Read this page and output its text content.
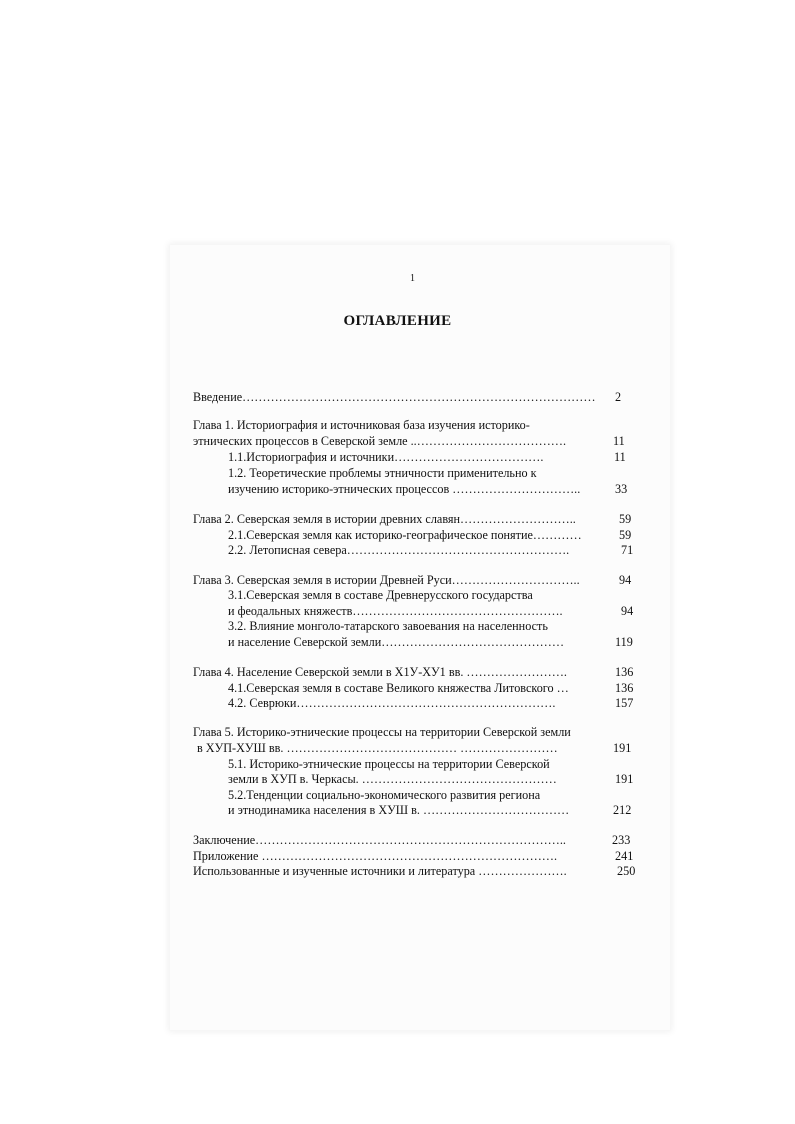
1
ОГЛАВЛЕНИЕ
Введение……………………………………………………………………………	2
Глава 1. Историография и источниковая база изучения историко-
этнических процессов в Северской земле ..……………………………….	11
1.1.Историография и источники……………………………….	11
1.2. Теоретические проблемы этничности применительно к
изучению историко-этнических процессов …………………………..	33
Глава 2. Северская земля в истории древних славян………………………..	59
2.1.Северская земля как историко-географическое понятие…………	59
2.2. Летописная севера……………………………………………….	71
Глава 3. Северская земля в истории Древней Руси…………………………..	94
3.1.Северская земля в составе Древнерусского государства
и феодальных княжеств…………………………………………….	94
3.2. Влияние монголо-татарского завоевания на населенность
и население Северской земли………………………………………	119
Глава 4. Население Северской земли в Х1У-ХУ1 вв. …………………….	136
4.1.Северская земля в составе Великого княжества Литовского …	136
4.2. Севрюки……………………………………………………….	157
Глава 5. Историко-этнические процессы на территории Северской земли
в ХУП-ХУШ вв. …………………………………… ……………………	191
5.1. Историко-этнические процессы на территории Северской
земли в ХУП в. Черкасы. …………………………………………	191
5.2.Тенденции социально-экономического развития региона
и этнодинамика населения в ХУШ в. ………………………………	212
Заключение…………………………………………………………………..	233
Приложение ……………………………………………………………….	241
Использованные и изученные источники и литература ………………….	250
